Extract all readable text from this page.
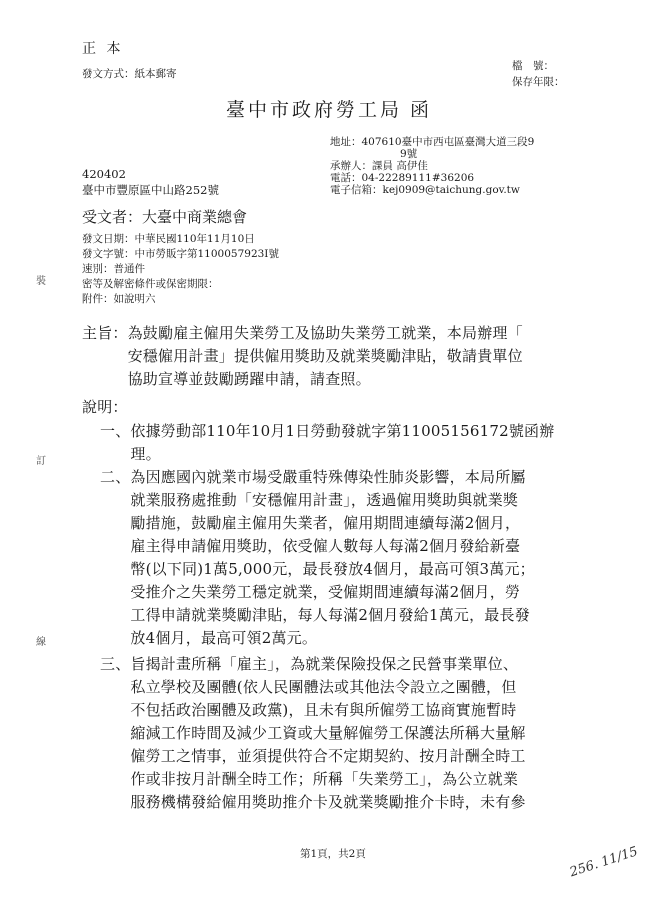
正 本
發文方式：紙本郵寄
檔　號：
保存年限：
臺中市政府勞工局 函
地址：407610臺中市西屯區臺灣大道三段9
9號
承辦人：課員 高伊佳
電話：04-22289111#36206
電子信箱：kej0909@taichung.gov.tw
420402
臺中市豐原區中山路252號
受文者：大臺中商業總會
發文日期：中華民國110年11月10日
發文字號：中市勞販字第1100057923I號
速別：普通件
密等及解密條件或保密期限：
附件：如說明六
裝
訂
線
主旨：為鼓勵雇主僱用失業勞工及協助失業勞工就業，本局辦理「
　　　安穩僱用計畫」提供僱用獎助及就業獎勵津貼，敬請貴單位
　　　協助宣導並鼓勵踴躍申請，請查照。
說明：
一、依據勞動部110年10月1日勞動發就字第11005156172號函辦
　　理。
二、為因應國內就業市場受嚴重特殊傳染性肺炎影響，本局所屬
　　就業服務處推動「安穩僱用計畫」，透過僱用獎助與就業獎
　　勵措施，鼓勵雇主僱用失業者，僱用期間連續每滿2個月，
　　雇主得申請僱用獎助，依受僱人數每人每滿2個月發給新臺
　　幣(以下同)1萬5,000元，最長發放4個月，最高可領3萬元；
　　受推介之失業勞工穩定就業，受僱期間連續每滿2個月，勞
　　工得申請就業獎勵津貼，每人每滿2個月發給1萬元，最長發
　　放4個月，最高可領2萬元。
三、旨揭計畫所稱「雇主」，為就業保險投保之民營事業單位、
　　私立學校及團體(依人民團體法或其他法令設立之團體，但
　　不包括政治團體及政黨)，且未有與所僱勞工協商實施暫時
　　縮減工作時間及減少工資或大量解僱勞工保護法所稱大量解
　　僱勞工之情事，並須提供符合不定期契約、按月計酬全時工
　　作或非按月計酬全時工作；所稱「失業勞工」，為公立就業
　　服務機構發給僱用獎助推介卡及就業獎勵推介卡時，未有參
第1頁，共2頁	256. 11/15
